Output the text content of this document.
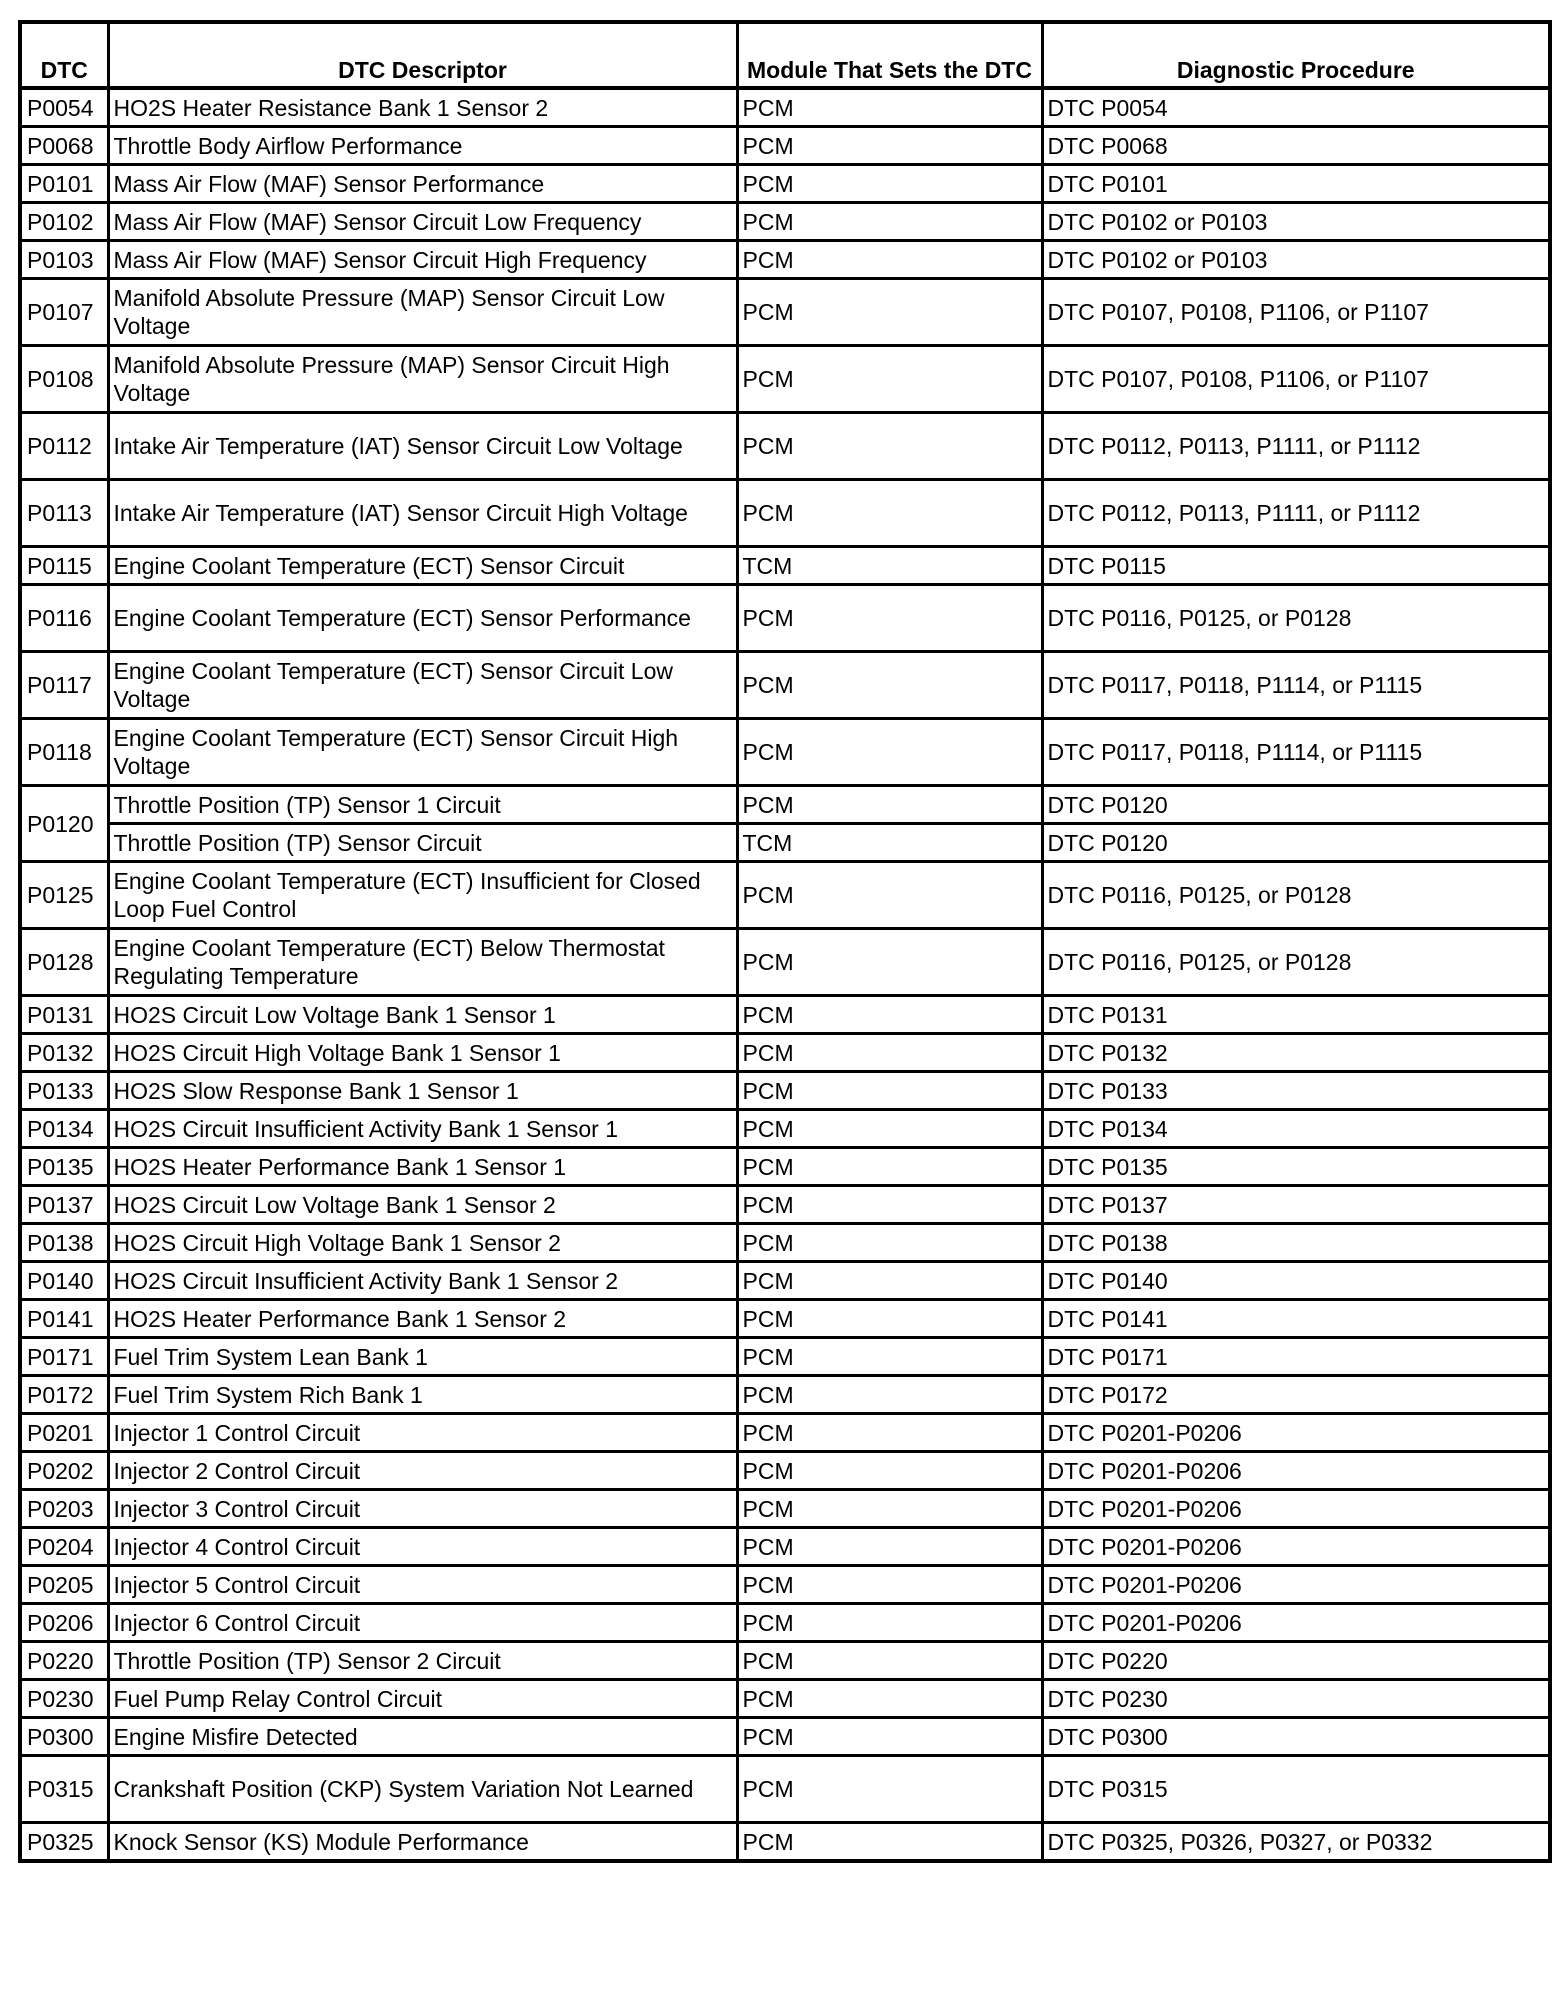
DTC	DTC Descriptor	Module That Sets the DTC	Diagnostic Procedure
P0054	HO2S Heater Resistance Bank 1 Sensor 2	PCM	DTC P0054
P0068	Throttle Body Airflow Performance	PCM	DTC P0068
P0101	Mass Air Flow (MAF) Sensor Performance	PCM	DTC P0101
P0102	Mass Air Flow (MAF) Sensor Circuit Low Frequency	PCM	DTC P0102 or P0103
P0103	Mass Air Flow (MAF) Sensor Circuit High Frequency	PCM	DTC P0102 or P0103
P0107	Manifold Absolute Pressure (MAP) Sensor Circuit Low Voltage	PCM	DTC P0107, P0108, P1106, or P1107
P0108	Manifold Absolute Pressure (MAP) Sensor Circuit High Voltage	PCM	DTC P0107, P0108, P1106, or P1107
P0112	Intake Air Temperature (IAT) Sensor Circuit Low Voltage	PCM	DTC P0112, P0113, P1111, or P1112
P0113	Intake Air Temperature (IAT) Sensor Circuit High Voltage	PCM	DTC P0112, P0113, P1111, or P1112
P0115	Engine Coolant Temperature (ECT) Sensor Circuit	TCM	DTC P0115
P0116	Engine Coolant Temperature (ECT) Sensor Performance	PCM	DTC P0116, P0125, or P0128
P0117	Engine Coolant Temperature (ECT) Sensor Circuit Low Voltage	PCM	DTC P0117, P0118, P1114, or P1115
P0118	Engine Coolant Temperature (ECT) Sensor Circuit High Voltage	PCM	DTC P0117, P0118, P1114, or P1115
P0120	Throttle Position (TP) Sensor 1 Circuit	PCM	DTC P0120
	Throttle Position (TP) Sensor Circuit	TCM	DTC P0120
P0125	Engine Coolant Temperature (ECT) Insufficient for Closed Loop Fuel Control	PCM	DTC P0116, P0125, or P0128
P0128	Engine Coolant Temperature (ECT) Below Thermostat Regulating Temperature	PCM	DTC P0116, P0125, or P0128
P0131	HO2S Circuit Low Voltage Bank 1 Sensor 1	PCM	DTC P0131
P0132	HO2S Circuit High Voltage Bank 1 Sensor 1	PCM	DTC P0132
P0133	HO2S Slow Response Bank 1 Sensor 1	PCM	DTC P0133
P0134	HO2S Circuit Insufficient Activity Bank 1 Sensor 1	PCM	DTC P0134
P0135	HO2S Heater Performance Bank 1 Sensor 1	PCM	DTC P0135
P0137	HO2S Circuit Low Voltage Bank 1 Sensor 2	PCM	DTC P0137
P0138	HO2S Circuit High Voltage Bank 1 Sensor 2	PCM	DTC P0138
P0140	HO2S Circuit Insufficient Activity Bank 1 Sensor 2	PCM	DTC P0140
P0141	HO2S Heater Performance Bank 1 Sensor 2	PCM	DTC P0141
P0171	Fuel Trim System Lean Bank 1	PCM	DTC P0171
P0172	Fuel Trim System Rich Bank 1	PCM	DTC P0172
P0201	Injector 1 Control Circuit	PCM	DTC P0201-P0206
P0202	Injector 2 Control Circuit	PCM	DTC P0201-P0206
P0203	Injector 3 Control Circuit	PCM	DTC P0201-P0206
P0204	Injector 4 Control Circuit	PCM	DTC P0201-P0206
P0205	Injector 5 Control Circuit	PCM	DTC P0201-P0206
P0206	Injector 6 Control Circuit	PCM	DTC P0201-P0206
P0220	Throttle Position (TP) Sensor 2 Circuit	PCM	DTC P0220
P0230	Fuel Pump Relay Control Circuit	PCM	DTC P0230
P0300	Engine Misfire Detected	PCM	DTC P0300
P0315	Crankshaft Position (CKP) System Variation Not Learned	PCM	DTC P0315
P0325	Knock Sensor (KS) Module Performance	PCM	DTC P0325, P0326, P0327, or P0332
